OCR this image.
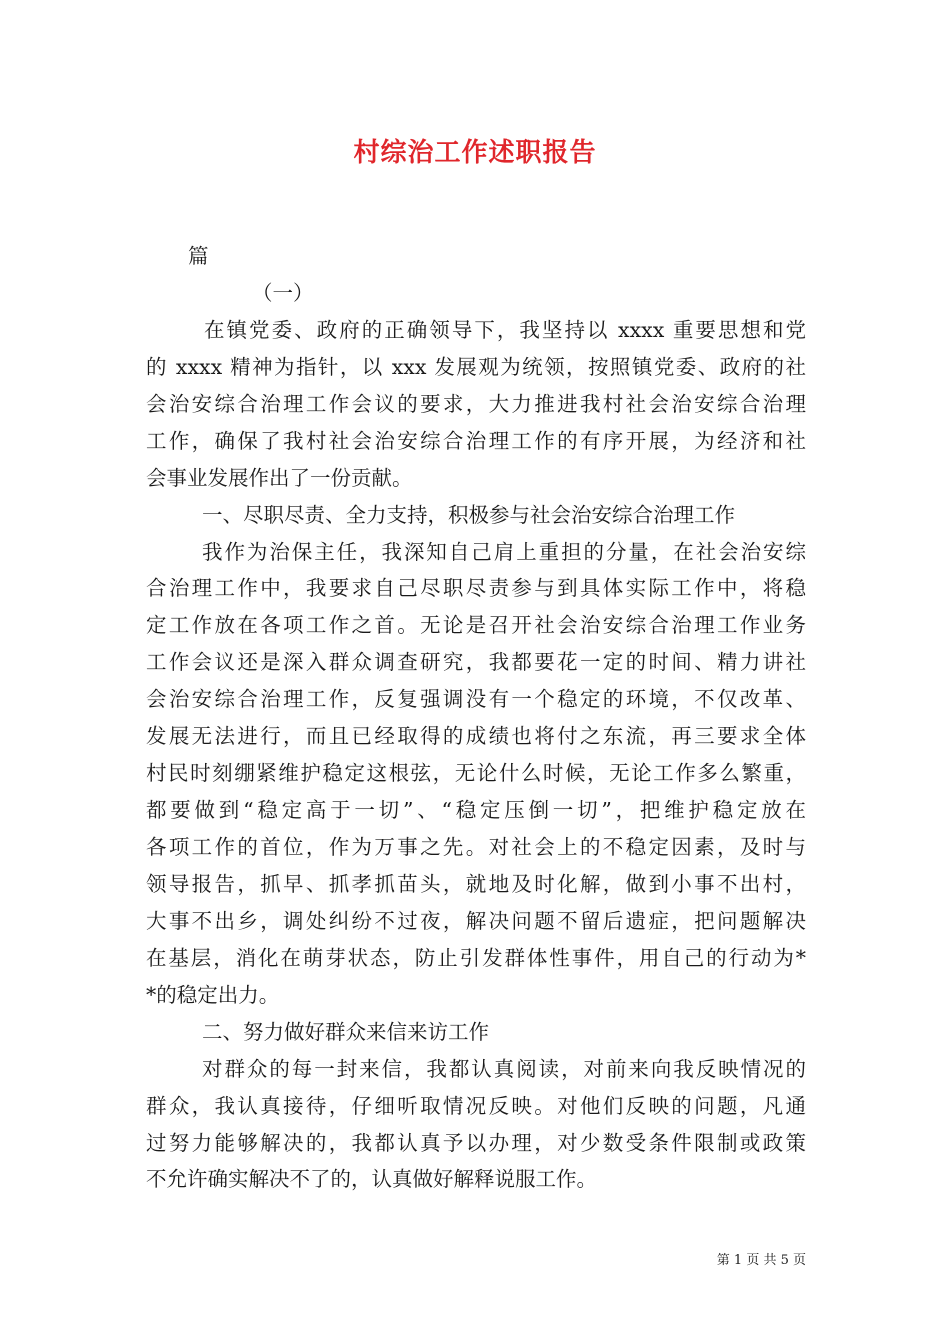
村综治工作述职报告
篇
（一）
在镇党委、政府的正确领导下，我坚持以 xxxx 重要思想和党
的 xxxx 精神为指针，以 xxx 发展观为统领，按照镇党委、政府的社
会治安综合治理工作会议的要求，大力推进我村社会治安综合治理
工作，确保了我村社会治安综合治理工作的有序开展，为经济和社
会事业发展作出了一份贡献。
一、尽职尽责、全力支持，积极参与社会治安综合治理工作
我作为治保主任，我深知自己肩上重担的分量，在社会治安综
合治理工作中，我要求自己尽职尽责参与到具体实际工作中，将稳
定工作放在各项工作之首。无论是召开社会治安综合治理工作业务
工作会议还是深入群众调查研究，我都要花一定的时间、精力讲社
会治安综合治理工作，反复强调没有一个稳定的环境，不仅改革、
发展无法进行，而且已经取得的成绩也将付之东流，再三要求全体
村民时刻绷紧维护稳定这根弦，无论什么时候，无论工作多么繁重，
都要做到“稳定高于一切”、“稳定压倒一切”，把维护稳定放在
各项工作的首位，作为万事之先。对社会上的不稳定因素，及时与
领导报告，抓早、抓孝抓苗头，就地及时化解，做到小事不出村，
大事不出乡，调处纠纷不过夜，解决问题不留后遗症，把问题解决
在基层，消化在萌芽状态，防止引发群体性事件，用自己的行动为*
*的稳定出力。
二、努力做好群众来信来访工作
对群众的每一封来信，我都认真阅读，对前来向我反映情况的
群众，我认真接待，仔细听取情况反映。对他们反映的问题，凡通
过努力能够解决的，我都认真予以办理，对少数受条件限制或政策
不允许确实解决不了的，认真做好解释说服工作。
第 1 页 共 5 页
